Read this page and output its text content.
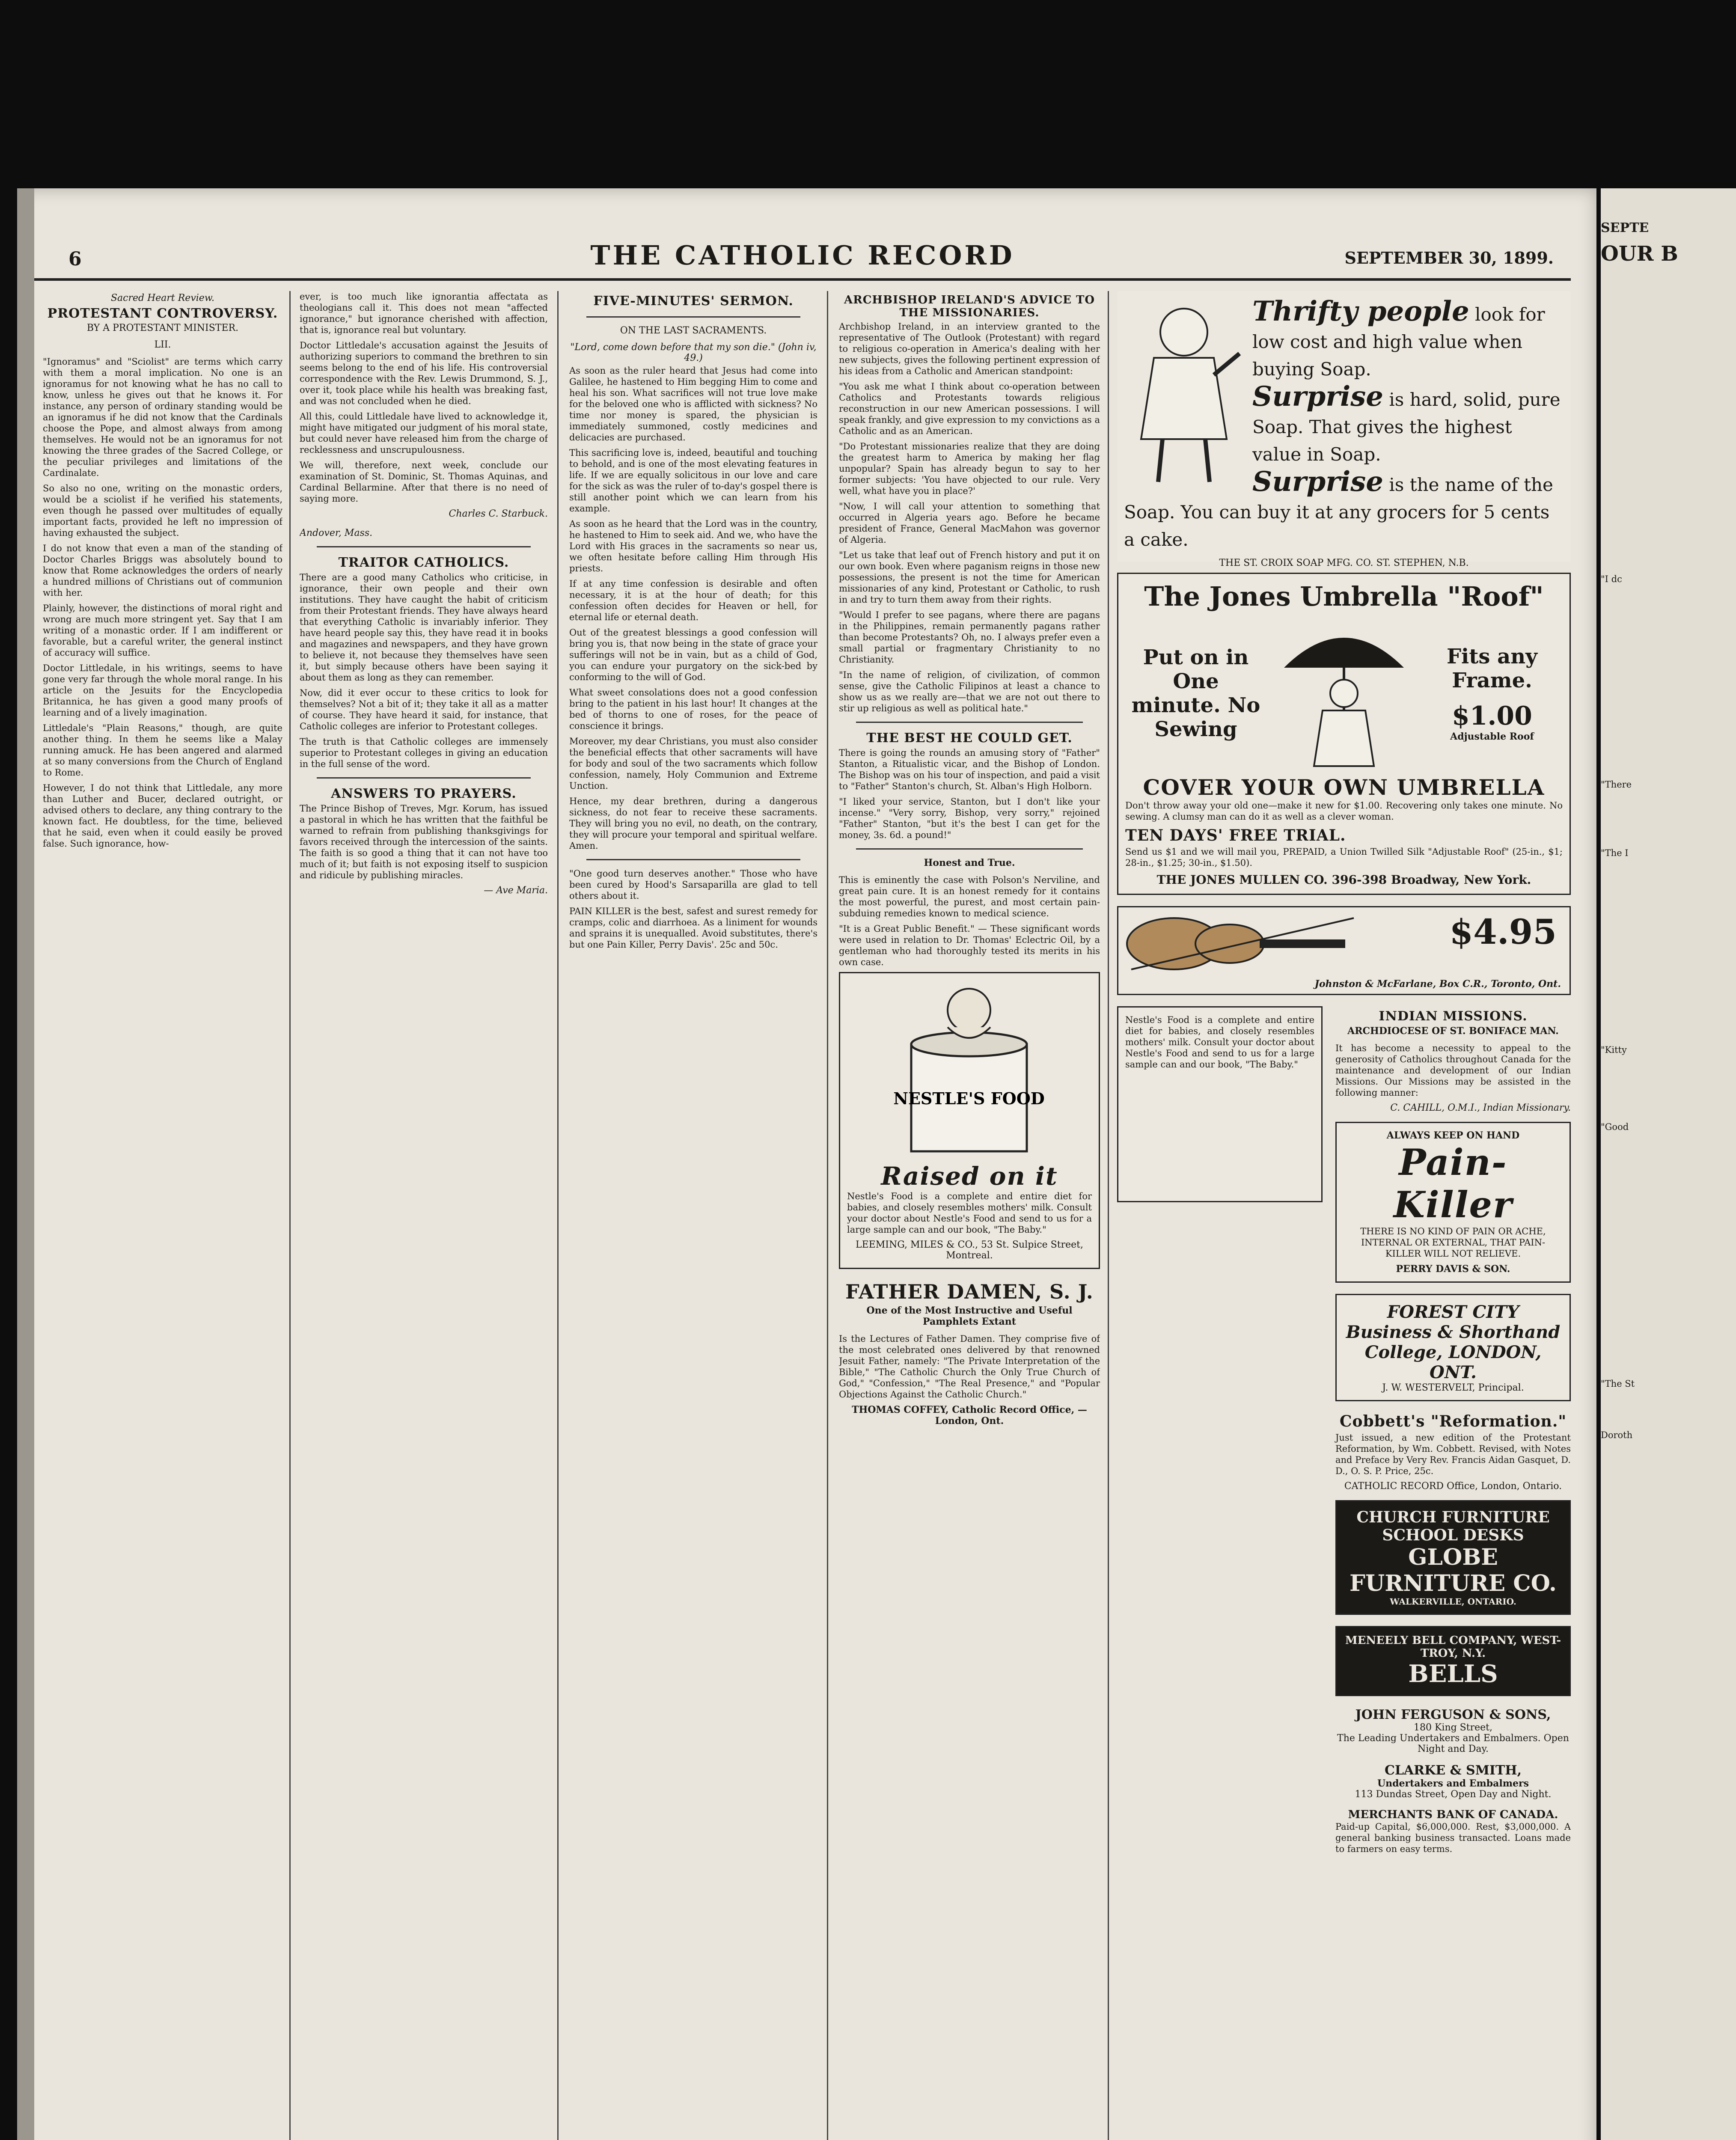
6	THE CATHOLIC RECORD	SEPTEMBER 30, 1899.
Sacred Heart Review.
PROTESTANT CONTROVERSY.
BY A PROTESTANT MINISTER.
LII.

"Ignoramus" and "Sciolist" are terms which carry with them a moral implication. No one is an ignoramus for not knowing what he has no call to know, unless he gives out that he knows it. For instance, any person of ordinary standing would be an ignoramus if he did not know that the Cardinals choose the Pope, and almost always from among themselves. He would not be an ignoramus for not knowing the three grades of the Sacred College, or the peculiar privileges and limitations of the Cardinalate.

So also no one, writing on the monastic orders, would be a sciolist if he verified his statements, even though he passed over multitudes of equally important facts, provided he left no impression of having exhausted the subject.

I do not know that even a man of the standing of Doctor Charles Briggs was absolutely bound to know that Rome acknowledges the orders of nearly a hundred millions of Christians out of communion with her.

Plainly, however, the distinctions of moral right and wrong are much more stringent yet. Say that I am writing of a monastic order. If I am indifferent or favorable, but a careful writer, the general instinct of accuracy will suffice.

Doctor Littledale, in his writings, seems to have gone very far through the whole moral range. In his article on the Jesuits for the Encyclopedia Britannica, he has given a good many proofs of learning and of a lively imagination.

Littledale's "Plain Reasons," though, are quite another thing. In them he seems like a Malay running amuck. He has been angered and alarmed at so many conversions from the Church of England to Rome.

However, I do not think that Littledale, any more than Luther and Bucer, declared outright, or advised others to declare, any thing contrary to the known fact. He doubtless, for the time, believed that he said, even when it could easily be proved false. Such ignorance, how-

ever, is too much like ignorantia affectata as theologians call it. This does not mean "affected ignorance," but ignorance cherished with affection, that is, ignorance real but voluntary.

Doctor Littledale's accusation against the Jesuits of authorizing superiors to command the brethren to sin seems belong to the end of his life. His controversial correspondence with the Rev. Lewis Drummond, S. J., over it, took place while his health was breaking fast, and was not concluded when he died.

All this, could Littledale have lived to acknowledge it, might have mitigated our judgment of his moral state, but could never have released him from the charge of recklessness and unscrupulousness.

We will, therefore, next week, conclude our examination of St. Dominic, St. Thomas Aquinas, and Cardinal Bellarmine. After that there is no need of saying more.

Charles C. Starbuck.
Andover, Mass.
TRAITOR CATHOLICS.

There are a good many Catholics who criticise, in ignorance, their own people and their own institutions. They have caught the habit of criticism from their Protestant friends. They have always heard that everything Catholic is invariably inferior. They have heard people say this, they have read it in books and magazines and newspapers, and they have grown to believe it, not because they themselves have seen it, but simply because others have been saying it about them as long as they can remember.

Now, did it ever occur to these critics to look for themselves? Not a bit of it; they take it all as a matter of course. They have heard it said, for instance, that Catholic colleges are inferior to Protestant colleges.

The truth is that Catholic colleges are immensely superior to Protestant colleges in giving an education in the full sense of the word.

ANSWERS TO PRAYERS.

The Prince Bishop of Treves, Mgr. Korum, has issued a pastoral in which he has written that the faithful be warned to refrain from publishing thanksgivings for favors received through the intercession of the saints. The faith is so good a thing that it can not have too much of it; but faith is not exposing itself to suspicion and ridicule by publishing miracles.

— Ave Maria.
FIVE-MINUTES' SERMON.
ON THE LAST SACRAMENTS.
"Lord, come down before that my son die." (John iv, 49.)

As soon as the ruler heard that Jesus had come into Galilee, he hastened to Him begging Him to come and heal his son. What sacrifices will not true love make for the beloved one who is afflicted with sickness? No time nor money is spared, the physician is immediately summoned, costly medicines and delicacies are purchased.

This sacrificing love is, indeed, beautiful and touching to behold, and is one of the most elevating features in life. If we are equally solicitous in our love and care for the sick as was the ruler of to-day's gospel there is still another point which we can learn from his example.

As soon as he heard that the Lord was in the country, he hastened to Him to seek aid. And we, who have the Lord with His graces in the sacraments so near us, we often hesitate before calling Him through His priests.

If at any time confession is desirable and often necessary, it is at the hour of death; for this confession often decides for Heaven or hell, for eternal life or eternal death.

Out of the greatest blessings a good confession will bring you is, that now being in the state of grace your sufferings will not be in vain, but as a child of God, you can endure your purgatory on the sick-bed by conforming to the will of God.

What sweet consolations does not a good confession bring to the patient in his last hour! It changes at the bed of thorns to one of roses, for the peace of conscience it brings.

Moreover, my dear Christians, you must also consider the beneficial effects that other sacraments will have for body and soul of the two sacraments which follow confession, namely, Holy Communion and Extreme Unction.

Hence, my dear brethren, during a dangerous sickness, do not fear to receive these sacraments. They will bring you no evil, no death, on the contrary, they will procure your temporal and spiritual welfare. Amen.

"One good turn deserves another." Those who have been cured by Hood's Sarsaparilla are glad to tell others about it.

PAIN KILLER is the best, safest and surest remedy for cramps, colic and diarrhoea. As a liniment for wounds and sprains it is unequalled. Avoid substitutes, there's but one Pain Killer, Perry Davis'. 25c and 50c.

ARCHBISHOP IRELAND'S ADVICE TO THE MISSIONARIES.

Archbishop Ireland, in an interview granted to the representative of The Outlook (Protestant) with regard to religious co-operation in America's dealing with her new subjects, gives the following pertinent expression of his ideas from a Catholic and American standpoint:

"You ask me what I think about co-operation between Catholics and Protestants towards religious reconstruction in our new American possessions. I will speak frankly, and give expression to my convictions as a Catholic and as an American.

"Do Protestant missionaries realize that they are doing the greatest harm to America by making her flag unpopular? Spain has already begun to say to her former subjects: 'You have objected to our rule. Very well, what have you in place?'

"Now, I will call your attention to something that occurred in Algeria years ago. Before he became president of France, General MacMahon was governor of Algeria.

"Let us take that leaf out of French history and put it on our own book. Even where paganism reigns in those new possessions, the present is not the time for American missionaries of any kind, Protestant or Catholic, to rush in and try to turn them away from their rights.

"Would I prefer to see pagans, where there are pagans in the Philippines, remain permanently pagans rather than become Protestants? Oh, no. I always prefer even a small partial or fragmentary Christianity to no Christianity.

"In the name of religion, of civilization, of common sense, give the Catholic Filipinos at least a chance to show us as we really are—that we are not out there to stir up religious as well as political hate."

THE BEST HE COULD GET.

There is going the rounds an amusing story of "Father" Stanton, a Ritualistic vicar, and the Bishop of London. The Bishop was on his tour of inspection, and paid a visit to "Father" Stanton's church, St. Alban's High Holborn.

"I liked your service, Stanton, but I don't like your incense." "Very sorry, Bishop, very sorry," rejoined "Father" Stanton, "but it's the best I can get for the money, 3s. 6d. a pound!"

Honest and True.

This is eminently the case with Polson's Nerviline, and great pain cure. It is an honest remedy for it contains the most powerful, the purest, and most certain pain-subduing remedies known to medical science.

"It is a Great Public Benefit." — These significant words were used in relation to Dr. Thomas' Eclectric Oil, by a gentleman who had thoroughly tested its merits in his own case.

NESTLE'S FOOD
Raised on it

Nestle's Food is a complete and entire diet for babies, and closely resembles mothers' milk. Consult your doctor about Nestle's Food and send to us for a large sample can and our book, "The Baby."

LEEMING, MILES & CO., 53 St. Sulpice Street, Montreal.
FATHER DAMEN, S. J.
One of the Most Instructive and Useful Pamphlets Extant

Is the Lectures of Father Damen. They comprise five of the most celebrated ones delivered by that renowned Jesuit Father, namely: "The Private Interpretation of the Bible," "The Catholic Church the Only True Church of God," "Confession," "The Real Presence," and "Popular Objections Against the Catholic Church."

THOMAS COFFEY, Catholic Record Office, — London, Ont.
Thrifty people look for low cost and high value when buying Soap.
Surprise is hard, solid, pure Soap. That gives the highest value in Soap.
Surprise is the name of the Soap. You can buy it at any grocers for 5 cents a cake.
THE ST. CROIX SOAP MFG. CO. ST. STEPHEN, N.B.
The Jones Umbrella "Roof"
Put on in One minute. No Sewing
Fits any Frame.
$1.00
Adjustable Roof
COVER YOUR OWN UMBRELLA

Don't throw away your old one—make it new for $1.00. Recovering only takes one minute. No sewing. A clumsy man can do it as well as a clever woman.

TEN DAYS' FREE TRIAL.

Send us $1 and we will mail you, PREPAID, a Union Twilled Silk "Adjustable Roof" (25-in., $1; 28-in., $1.25; 30-in., $1.50).

THE JONES MULLEN CO. 396-398 Broadway, New York.
$4.95
Johnston & McFarlane, Box C.R., Toronto, Ont.

Nestle's Food is a complete and entire diet for babies, and closely resembles mothers' milk. Consult your doctor about Nestle's Food and send to us for a large sample can and our book, "The Baby."

INDIAN MISSIONS.
ARCHDIOCESE OF ST. BONIFACE MAN.

It has become a necessity to appeal to the generosity of Catholics throughout Canada for the maintenance and development of our Indian Missions. Our Missions may be assisted in the following manner:

C. CAHILL, O.M.I., Indian Missionary.
ALWAYS KEEP ON HAND
Pain-Killer

THERE IS NO KIND OF PAIN OR ACHE, INTERNAL OR EXTERNAL, THAT PAIN-KILLER WILL NOT RELIEVE.

PERRY DAVIS & SON.
FOREST CITY Business & Shorthand College, LONDON, ONT.
J. W. WESTERVELT, Principal.
Cobbett's "Reformation."

Just issued, a new edition of the Protestant Reformation, by Wm. Cobbett. Revised, with Notes and Preface by Very Rev. Francis Aidan Gasquet, D. D., O. S. P. Price, 25c.

CATHOLIC RECORD Office, London, Ontario.
CHURCH FURNITURE
SCHOOL DESKS
GLOBE FURNITURE CO.
WALKERVILLE, ONTARIO.
MENEELY BELL COMPANY, WEST-TROY, N.Y.
BELLS
JOHN FERGUSON & SONS,
180 King Street,
The Leading Undertakers and Embalmers. Open Night and Day.
CLARKE & SMITH,
Undertakers and Embalmers
113 Dundas Street, Open Day and Night.
MERCHANTS BANK OF CANADA.

Paid-up Capital, $6,000,000. Rest, $3,000,000. A general banking business transacted. Loans made to farmers on easy terms.

SEPTE
OUR B
"I dc
"There
"The I
"Kitty
"Good
"The St
Doroth
